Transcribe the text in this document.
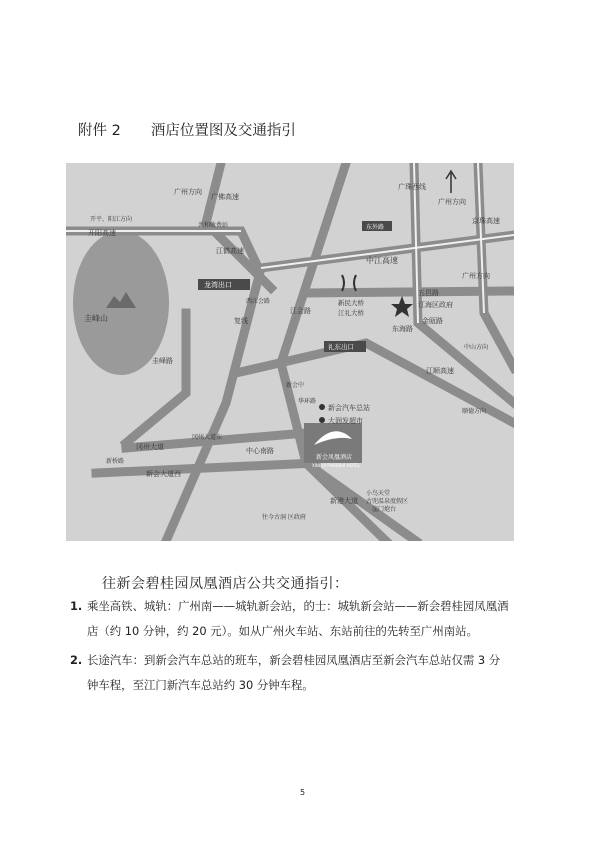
附件 2 酒店位置图及交通指引
广佛高速
广州方向
广州方向
广州方向
开平、阳江方向
开阳高速
共和收费站
江鹤高速
龙湾出口
西江会路
复线
中江高速
广珠西线
京珠高速
东外路
新民大桥
江礼大桥
五邑路
江海区政府
金瓯路
东海路
礼东出口
江顺高速
中山方向
顺德方向
圭峰山
圭峰路
江会路
冈州大道东
冈州大道
新会大道西
新桥路
新会汽车总站
大润发超市
中心南路
新会凤凰酒店
XINHUI PHOENIX HOTEL
新港大道
小鸟天堂
古兜温泉度假区
崖门炮台
往今古洞 区政府
新会中
华环路
往新会碧桂园凤凰酒店公共交通指引：
1. 乘坐高铁、城轨：广州南——城轨新会站，的士：城轨新会站——新会碧桂园凤凰酒
店（约 10 分钟，约 20 元）。如从广州火车站、东站前往的先转至广州南站。
2. 长途汽车：到新会汽车总站的班车，新会碧桂园凤凰酒店至新会汽车总站仅需 3 分
钟车程，至江门新汽车总站约 30 分钟车程。
5
